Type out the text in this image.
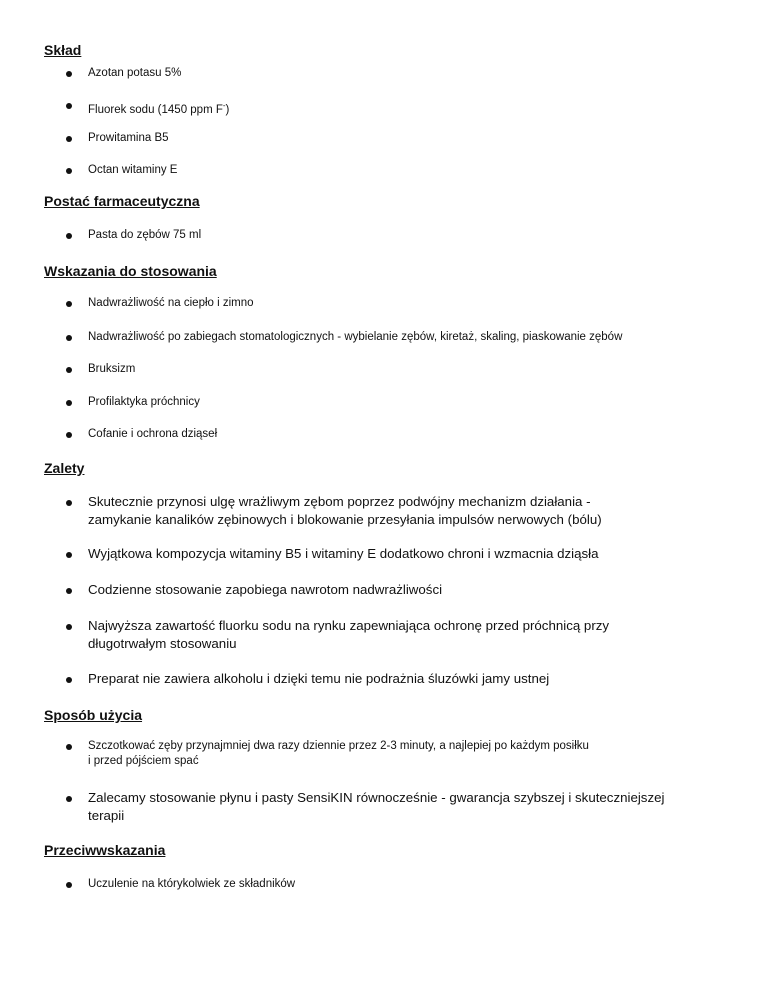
Skład
Azotan potasu 5%
Fluorek sodu (1450 ppm F-)
Prowitamina B5
Octan witaminy E
Postać farmaceutyczna
Pasta do zębów 75 ml
Wskazania do stosowania
Nadwrażliwość na ciepło i zimno
Nadwrażliwość po zabiegach stomatologicznych - wybielanie zębów, kiretaż, skaling, piaskowanie zębów
Bruksizm
Profilaktyka próchnicy
Cofanie i ochrona dziąseł
Zalety
Skutecznie przynosi ulgę wrażliwym zębom poprzez podwójny mechanizm działania -
zamykanie kanalików zębinowych i blokowanie przesyłania impulsów nerwowych (bólu)
Wyjątkowa kompozycja witaminy B5 i witaminy E dodatkowo chroni i wzmacnia dziąsła
Codzienne stosowanie zapobiega nawrotom nadwrażliwości
Najwyższa zawartość fluorku sodu na rynku zapewniająca ochronę przed próchnicą przy
długotrwałym stosowaniu
Preparat nie zawiera alkoholu i dzięki temu nie podrażnia śluzówki jamy ustnej
Sposób użycia
Szczotkować zęby przynajmniej dwa razy dziennie przez 2-3 minuty, a najlepiej po każdym posiłku
i przed pójściem spać
Zalecamy stosowanie płynu i pasty SensiKIN równocześnie - gwarancja szybszej i skuteczniejszej
terapii
Przeciwwskazania
Uczulenie na którykolwiek ze składników
